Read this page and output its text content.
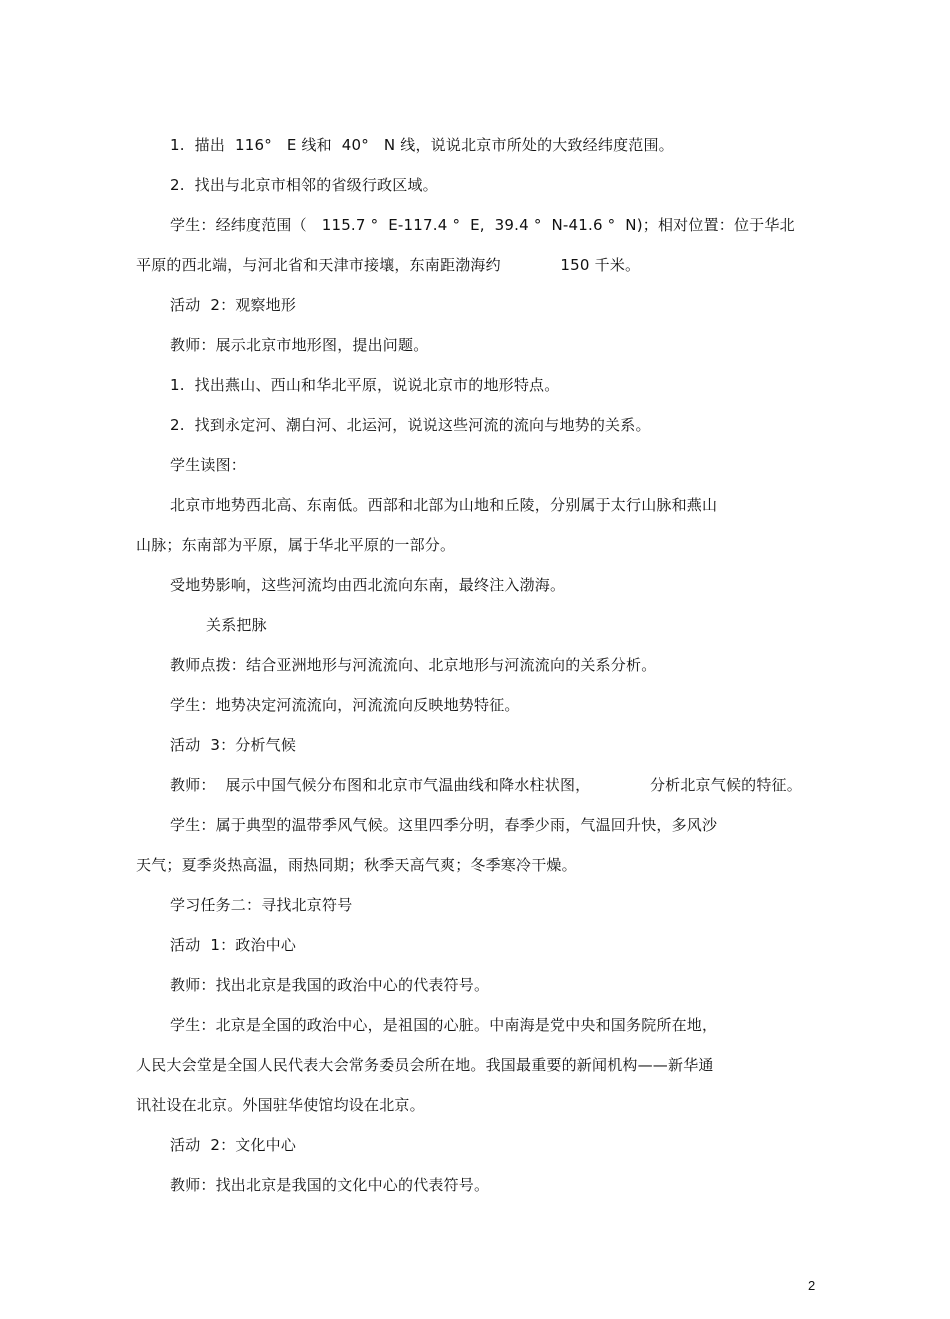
1.  描出  116°   E 线和  40°   N 线，说说北京市所处的大致经纬度范围。
2.  找出与北京市相邻的省级行政区域。
学生：经纬度范围（   115.7 °  E-117.4 °  E,  39.4 °  N-41.6 °  N)；相对位置：位于华北
平原的西北端，与河北省和天津市接壤，东南距渤海约            150 千米。
活动  2：观察地形
教师：展示北京市地形图，提出问题。
1.  找出燕山、西山和华北平原，说说北京市的地形特点。
2.  找到永定河、潮白河、北运河，说说这些河流的流向与地势的关系。
学生读图：
北京市地势西北高、东南低。西部和北部为山地和丘陵，分别属于太行山脉和燕山
山脉；东南部为平原，属于华北平原的一部分。
受地势影响，这些河流均由西北流向东南，最终注入渤海。
关系把脉
教师点拨：结合亚洲地形与河流流向、北京地形与河流流向的关系分析。
学生：地势决定河流流向，河流流向反映地势特征。
活动  3：分析气候
教师：  展示中国气候分布图和北京市气温曲线和降水柱状图，            分析北京气候的特征。
学生：属于典型的温带季风气候。这里四季分明，春季少雨，气温回升快，多风沙
天气；夏季炎热高温，雨热同期；秋季天高气爽；冬季寒冷干燥。
学习任务二：寻找北京符号
活动  1：政治中心
教师：找出北京是我国的政治中心的代表符号。
学生：北京是全国的政治中心，是祖国的心脏。中南海是党中央和国务院所在地，
人民大会堂是全国人民代表大会常务委员会所在地。我国最重要的新闻机构——新华通
讯社设在北京。外国驻华使馆均设在北京。
活动  2：文化中心
教师：找出北京是我国的文化中心的代表符号。
2
